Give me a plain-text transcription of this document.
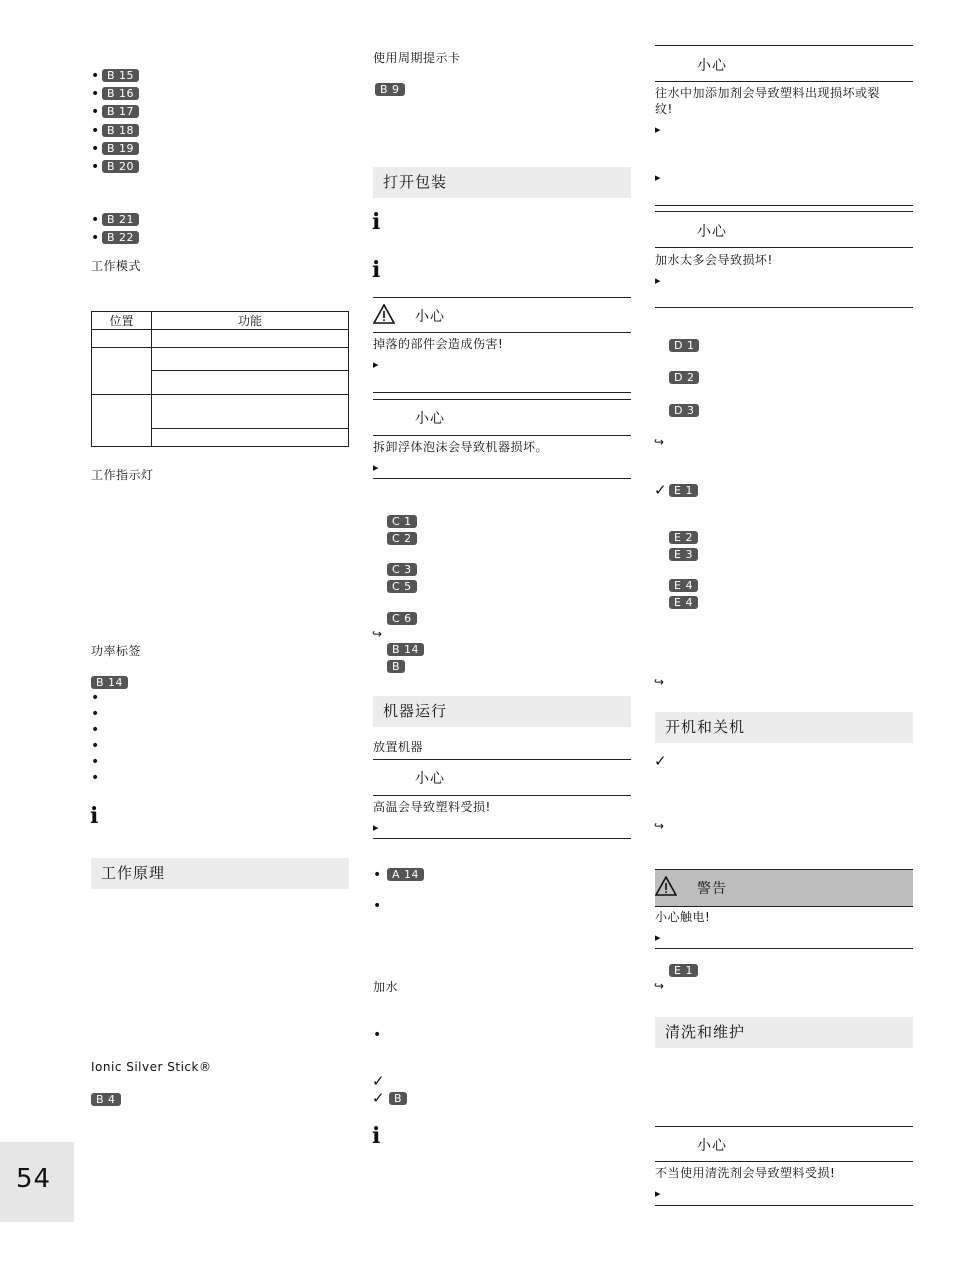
• B 15
• B 16
• B 17
• B 18
• B 19
• B 20
• B 21
• B 22
工作模式
位置	功能

工作指示灯
功率标签
B 14
•
•
•
•
•
•
i
工作原理
Ionic Silver Stick®
B 4
使用周期提示卡
B 9
打开包装
i
i
小心
掉落的部件会造成伤害!
▸
小心
拆卸浮体泡沫会导致机器损坏。
▸
C 1
C 2
C 3
C 5
C 6
↪
B 14
B
机器运行
放置机器
小心
高温会导致塑料受损!
▸
• A 14
•
加水
•
✓
✓ B
i
小心
往水中加添加剂会导致塑料出现损坏或裂
纹!
▸
▸
小心
加水太多会导致损坏!
▸
D 1
D 2
D 3
↪
✓ E 1
E 2
E 3
E 4
E 4
↪
开机和关机
✓
↪
警告
小心触电!
▸
E 1
↪
清洗和维护
小心
不当使用清洗剂会导致塑料受损!
▸
54
